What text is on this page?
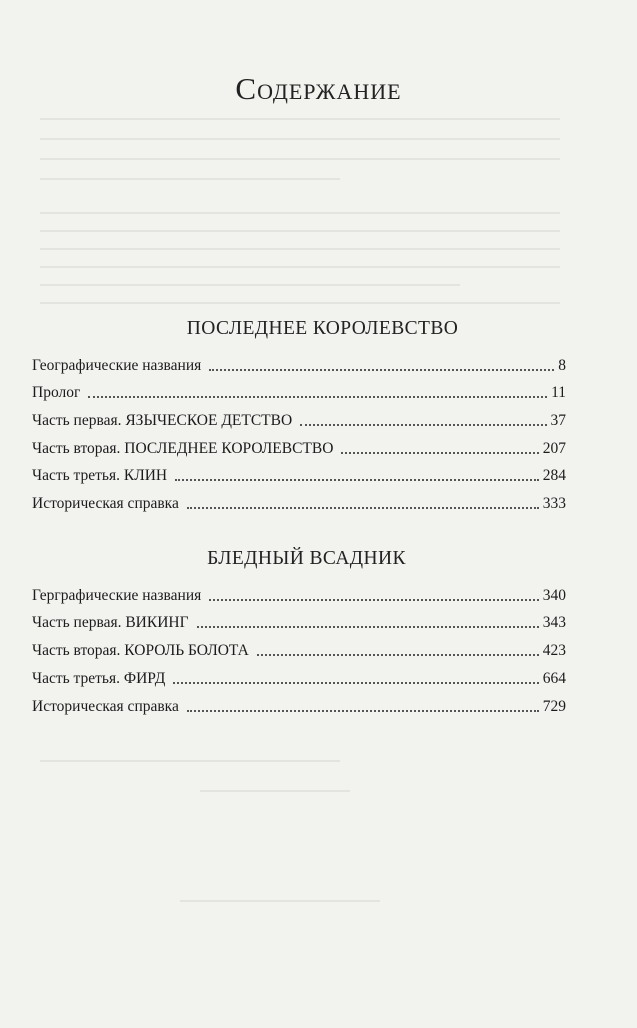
Содержание
ПОСЛЕДНЕЕ КОРОЛЕВСТВО
Географические названия	8
Пролог	11
Часть первая. ЯЗЫЧЕСКОЕ ДЕТСТВО	37
Часть вторая. ПОСЛЕДНЕЕ КОРОЛЕВСТВО	207
Часть третья. КЛИН	284
Историческая справка	333
БЛЕДНЫЙ ВСАДНИК
Герграфические названия	340
Часть первая. ВИКИНГ	343
Часть вторая. КОРОЛЬ БОЛОТА	423
Часть третья. ФИРД	664
Историческая справка	729
